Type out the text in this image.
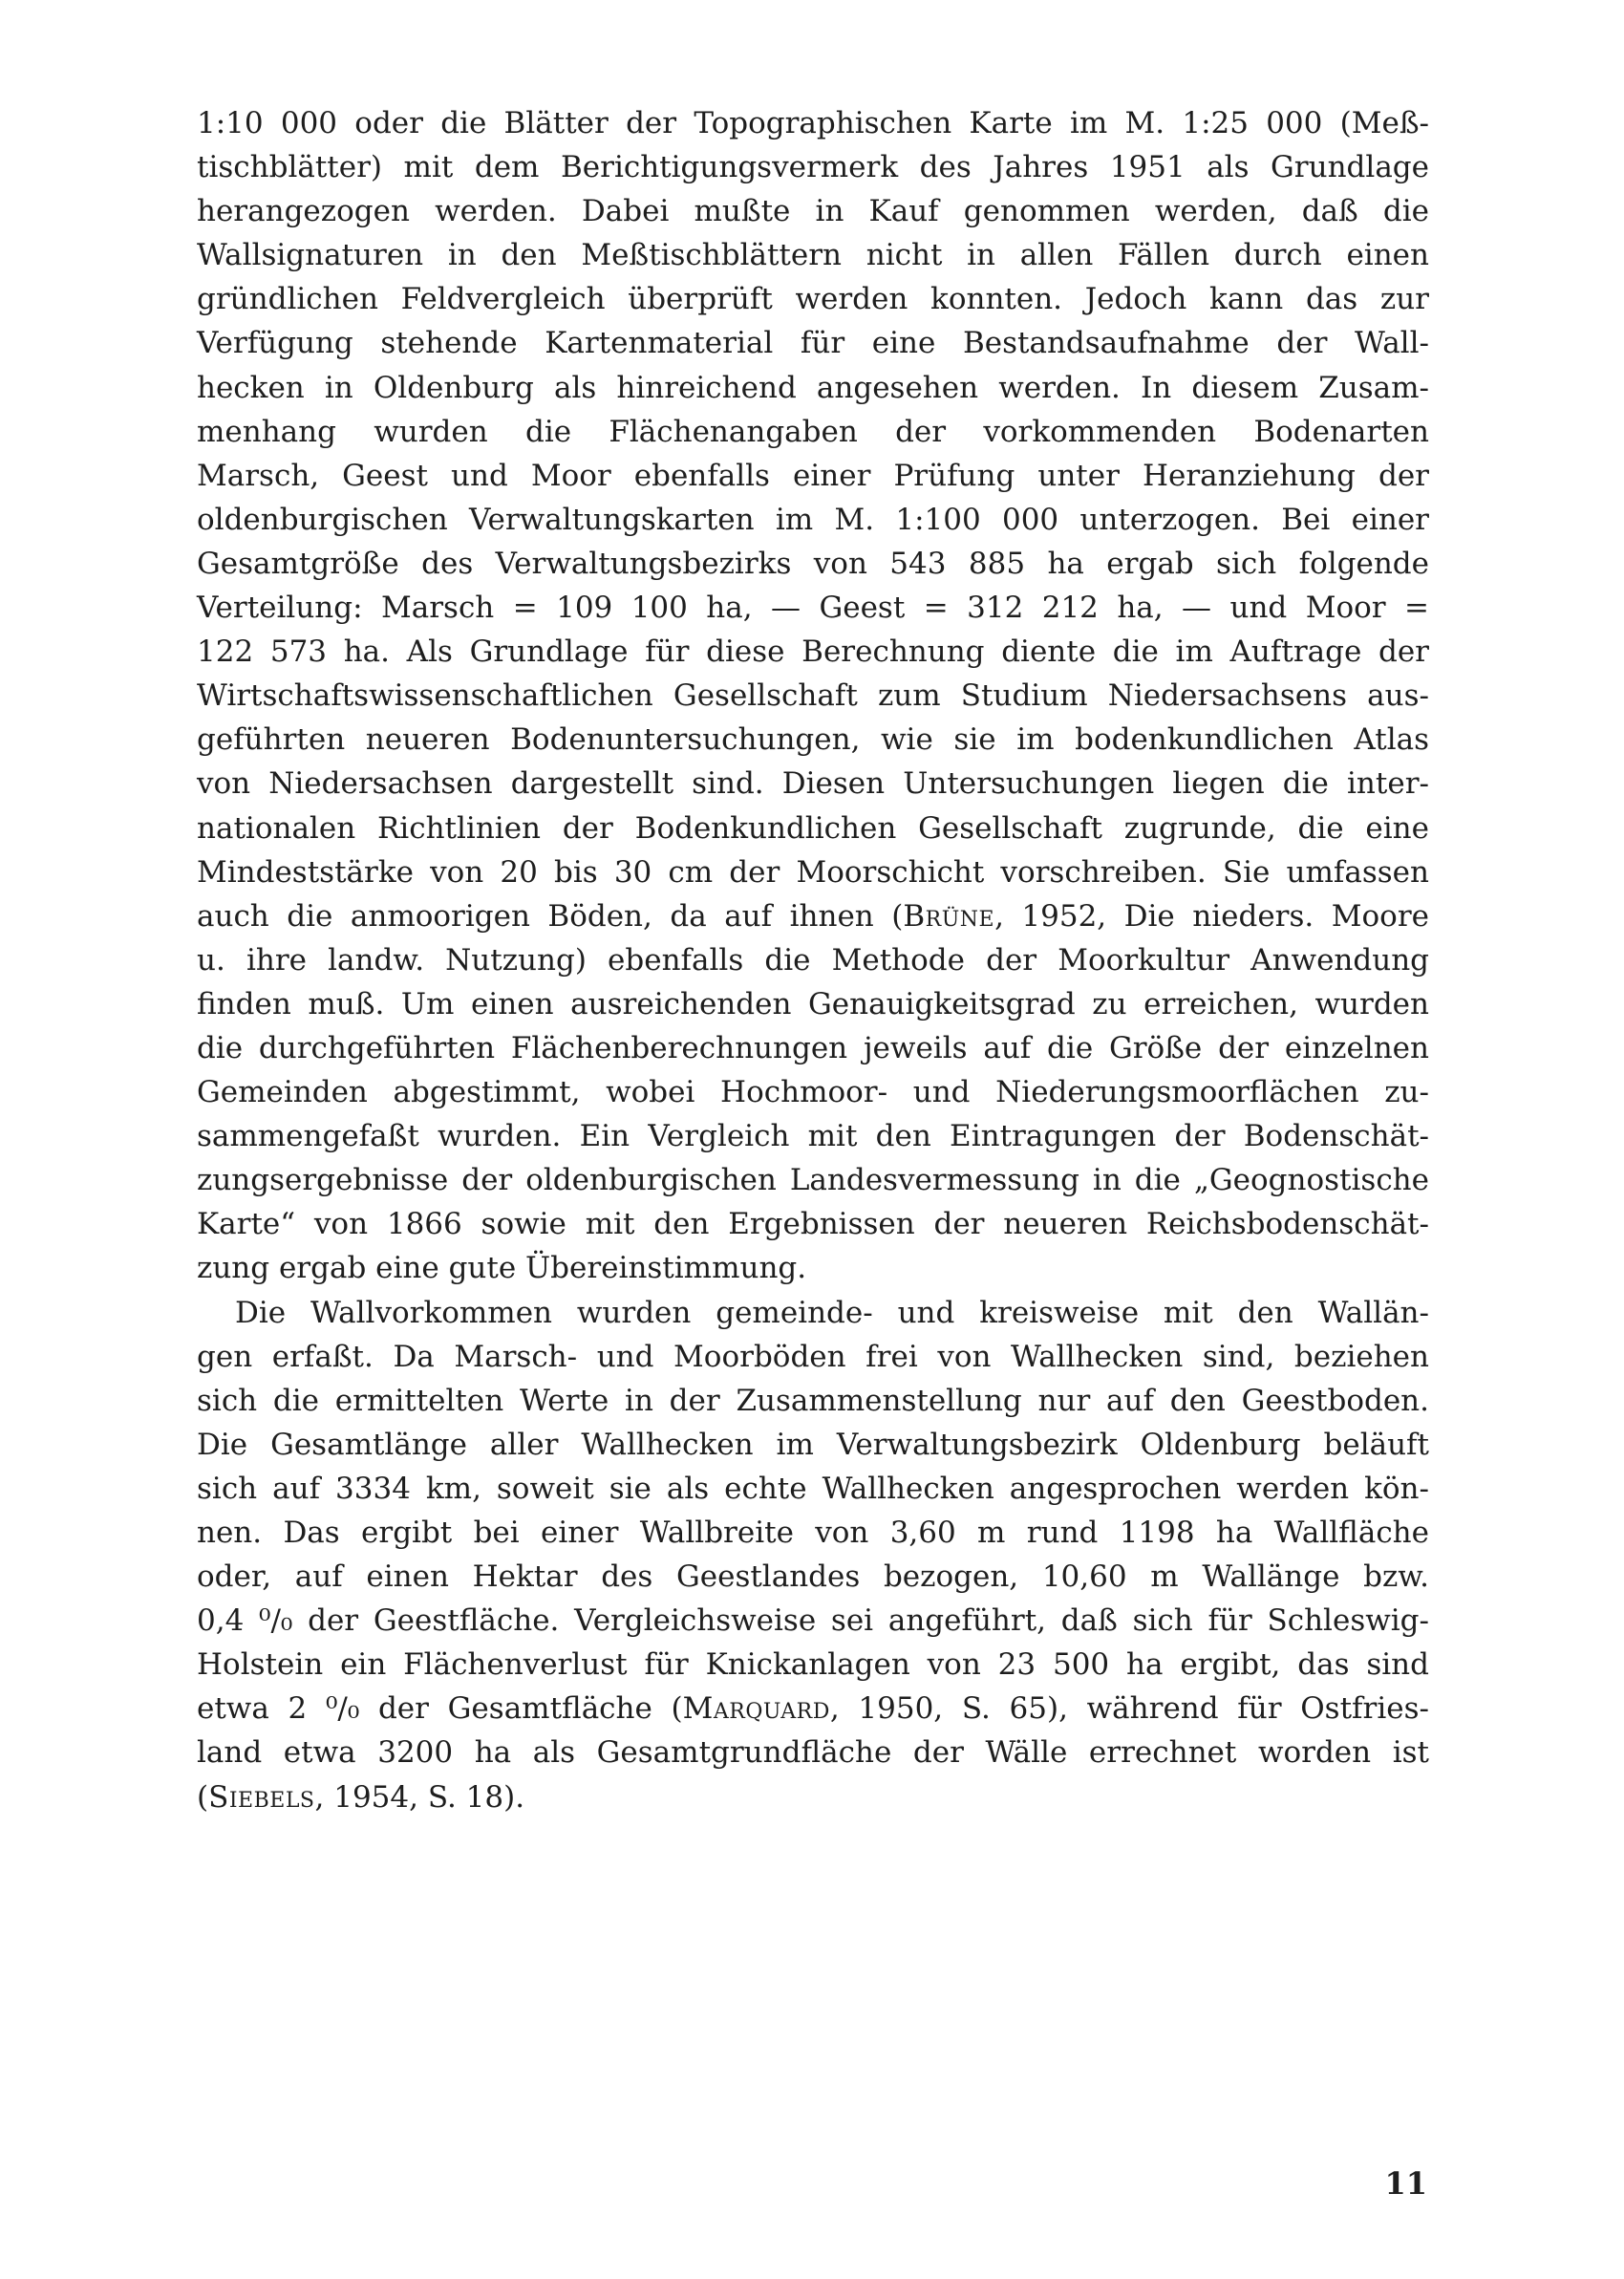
1:10 000 oder die Blätter der Topographischen Karte im M. 1:25 000 (Meß-
tischblätter) mit dem Berichtigungsvermerk des Jahres 1951 als Grundlage
herangezogen werden. Dabei mußte in Kauf genommen werden, daß die
Wallsignaturen in den Meßtischblättern nicht in allen Fällen durch einen
gründlichen Feldvergleich überprüft werden konnten. Jedoch kann das zur
Verfügung stehende Kartenmaterial für eine Bestandsaufnahme der Wall-
hecken in Oldenburg als hinreichend angesehen werden. In diesem Zusam-
menhang wurden die Flächenangaben der vorkommenden Bodenarten
Marsch, Geest und Moor ebenfalls einer Prüfung unter Heranziehung der
oldenburgischen Verwaltungskarten im M. 1:100 000 unterzogen. Bei einer
Gesamtgröße des Verwaltungsbezirks von 543 885 ha ergab sich folgende
Verteilung: Marsch = 109 100 ha, — Geest = 312 212 ha, — und Moor =
122 573 ha. Als Grundlage für diese Berechnung diente die im Auftrage der
Wirtschaftswissenschaftlichen Gesellschaft zum Studium Niedersachsens aus-
geführten neueren Bodenuntersuchungen, wie sie im bodenkundlichen Atlas
von Niedersachsen dargestellt sind. Diesen Untersuchungen liegen die inter-
nationalen Richtlinien der Bodenkundlichen Gesellschaft zugrunde, die eine
Mindeststärke von 20 bis 30 cm der Moorschicht vorschreiben. Sie umfassen
auch die anmoorigen Böden, da auf ihnen (Brüne, 1952, Die nieders. Moore
u. ihre landw. Nutzung) ebenfalls die Methode der Moorkultur Anwendung
finden muß. Um einen ausreichenden Genauigkeitsgrad zu erreichen, wurden
die durchgeführten Flächenberechnungen jeweils auf die Größe der einzelnen
Gemeinden abgestimmt, wobei Hochmoor- und Niederungsmoorflächen zu-
sammengefaßt wurden. Ein Vergleich mit den Eintragungen der Bodenschät-
zungsergebnisse der oldenburgischen Landesvermessung in die „Geognostische
Karte“ von 1866 sowie mit den Ergebnissen der neueren Reichsbodenschät-
zung ergab eine gute Übereinstimmung.
Die Wallvorkommen wurden gemeinde- und kreisweise mit den Wallän-
gen erfaßt. Da Marsch- und Moorböden frei von Wallhecken sind, beziehen
sich die ermittelten Werte in der Zusammenstellung nur auf den Geestboden.
Die Gesamtlänge aller Wallhecken im Verwaltungsbezirk Oldenburg beläuft
sich auf 3334 km, soweit sie als echte Wallhecken angesprochen werden kön-
nen. Das ergibt bei einer Wallbreite von 3,60 m rund 1198 ha Wallfläche
oder, auf einen Hektar des Geestlandes bezogen, 10,60 m Wallänge bzw.
0,4 ⁰/₀ der Geestfläche. Vergleichsweise sei angeführt, daß sich für Schleswig-
Holstein ein Flächenverlust für Knickanlagen von 23 500 ha ergibt, das sind
etwa 2 ⁰/₀ der Gesamtfläche (Marquard, 1950, S. 65), während für Ostfries-
land etwa 3200 ha als Gesamtgrundfläche der Wälle errechnet worden ist
(Siebels, 1954, S. 18).
11
